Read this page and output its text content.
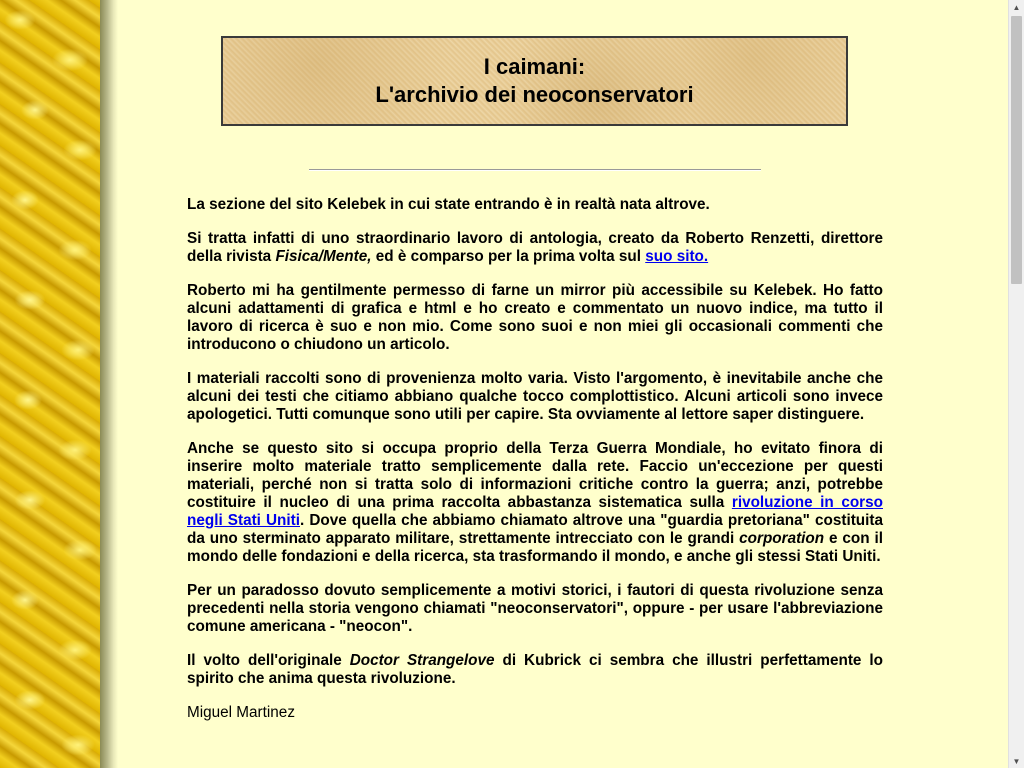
I caimani:
L'archivio dei neoconservatori

La sezione del sito Kelebek in cui state entrando è in realtà nata altrove.

Si tratta infatti di uno straordinario lavoro di antologia, creato da Roberto Renzetti, direttore della rivista Fisica/Mente, ed è comparso per la prima volta sul suo sito.

Roberto mi ha gentilmente permesso di farne un mirror più accessibile su Kelebek. Ho fatto alcuni adattamenti di grafica e html e ho creato e commentato un nuovo indice, ma tutto il lavoro di ricerca è suo e non mio. Come sono suoi e non miei gli occasionali commenti che introducono o chiudono un articolo.

I materiali raccolti sono di provenienza molto varia. Visto l'argomento, è inevitabile anche che alcuni dei testi che citiamo abbiano qualche tocco complottistico. Alcuni articoli sono invece apologetici. Tutti comunque sono utili per capire. Sta ovviamente al lettore saper distinguere.

Anche se questo sito si occupa proprio della Terza Guerra Mondiale, ho evitato finora di inserire molto materiale tratto semplicemente dalla rete. Faccio un'eccezione per questi materiali, perché non si tratta solo di informazioni critiche contro la guerra; anzi, potrebbe costituire il nucleo di una prima raccolta abbastanza sistematica sulla rivoluzione in corso negli Stati Uniti. Dove quella che abbiamo chiamato altrove una "guardia pretoriana" costituita da uno sterminato apparato militare, strettamente intrecciato con le grandi corporation e con il mondo delle fondazioni e della ricerca, sta trasformando il mondo, e anche gli stessi Stati Uniti.

Per un paradosso dovuto semplicemente a motivi storici, i fautori di questa rivoluzione senza precedenti nella storia vengono chiamati "neoconservatori", oppure - per usare l'abbreviazione comune americana - "neocon".

Il volto dell'originale Doctor Strangelove di Kubrick ci sembra che illustri perfettamente lo spirito che anima questa rivoluzione.

Miguel Martinez

▲
▼
